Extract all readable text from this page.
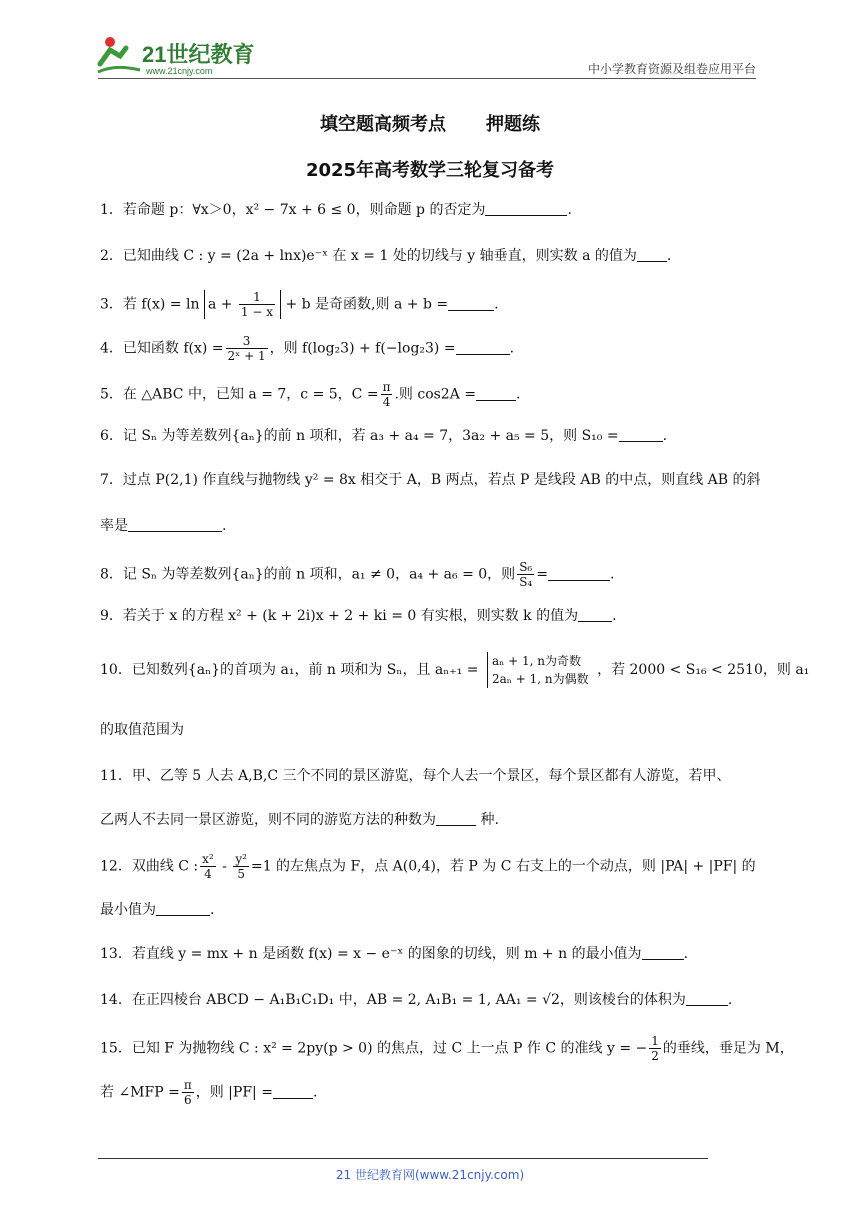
21世纪教育
www.21cnjy.com	中小学教育资源及组卷应用平台
填空题高频考点 押题练
2025年高考数学三轮复习备考
1．若命题 p：∀x＞0，x² − 7x + 6 ≤ 0，则命题 p 的否定为	.
2．已知曲线 C : y = (2a + lnx)e⁻ˣ 在 x = 1 处的切线与 y 轴垂直，则实数 a 的值为 .
3．若 $f(x) = \ln a + \frac{1}{1 - x} + b$ 是奇函数,则 a + b =	.
4．已知函数 $f(x) = \frac{3}{\text{2ˣ + 1}}$ ，则 f(log₂3) + f(−log₂3) =	.
5．在 △ABC 中，已知 a = 7，c = 5，$C = \frac{\pi}{4}$ .则 cos2A =	.
6．记 Sₙ 为等差数列{aₙ}的前 n 项和，若 a₃ + a₄ = 7，3a₂ + a₅ = 5，则 S₁₀ =	.
7．过点 P(2,1) 作直线与抛物线 y² = 8x 相交于 A，B 两点，若点 P 是线段 AB 的中点，则直线 AB 的斜
率是	.
8．记 Sₙ 为等差数列{aₙ}的前 n 项和，a₁ ≠ 0，a₄ + a₆ = 0，则 $\frac{\text{S₆}}{\text{S₄}}$ =	.
9．若关于 x 的方程 x² + (k + 2i)x + 2 + ki = 0 有实根，则实数 k 的值为 .
10．已知数列{aₙ}的首项为 a₁，前 n 项和为 Sₙ，且 aₙ₊₁ =
aₙ + 1, n为奇数
2aₙ + 1, n为偶数
，若 2000 < S₁₆ < 2510，则 a₁
的取值范围为
11．甲、乙等 5 人去 A,B,C 三个不同的景区游览，每个人去一个景区，每个景区都有人游览，若甲、
乙两人不去同一景区游览，则不同的游览方法的种数为	种.
12．双曲线 C : $\frac{\text{x²}}{4} - \frac{\text{y²}}{5} =1$ 的左焦点为 F，点 A(0,4)，若 P 为 C 右支上的一个动点，则 |PA| + |PF| 的
最小值为	.
13．若直线 y = mx + n 是函数 f(x) = x − e⁻ˣ 的图象的切线，则 m + n 的最小值为	.
14．在正四棱台 ABCD − A₁B₁C₁D₁ 中，AB = 2, A₁B₁ = 1, AA₁ = √2，则该棱台的体积为	.
15．已知 F 为抛物线 C : x² = 2py(p > 0) 的焦点，过 C 上一点 P 作 C 的准线 y = − $\frac{1}{2}$ 的垂线，垂足为 M，
若 ∠MFP = $\frac{\pi}{6}$ ，则 |PF| =	.
21 世纪教育网(www.21cnjy.com)
